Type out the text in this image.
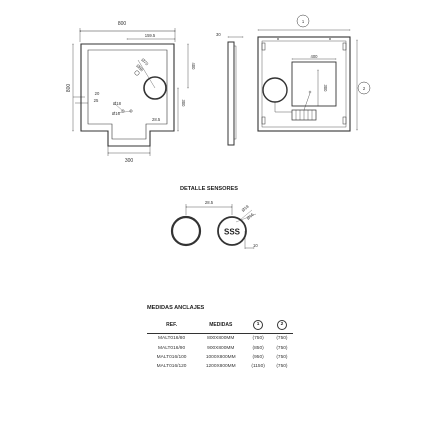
800
159.5
Ø70
Ø86	400
300
800
20
25
Ø18
Ø16
28.5
300
30
1
2
400
300
DETALLE SENSORES
28.5
Ø18
Ø16
SSS
10
MEDIDAS ANCLAJES
REF.	MEDIDAS	1	2
MALT016/80	800X800MM	(750)	(750)
MALT016/90	900X800MM	(850)	(750)
MALT016/100	1000X800MM	(950)	(750)
MALT016/120	1200X800MM	(1150)	(750)
